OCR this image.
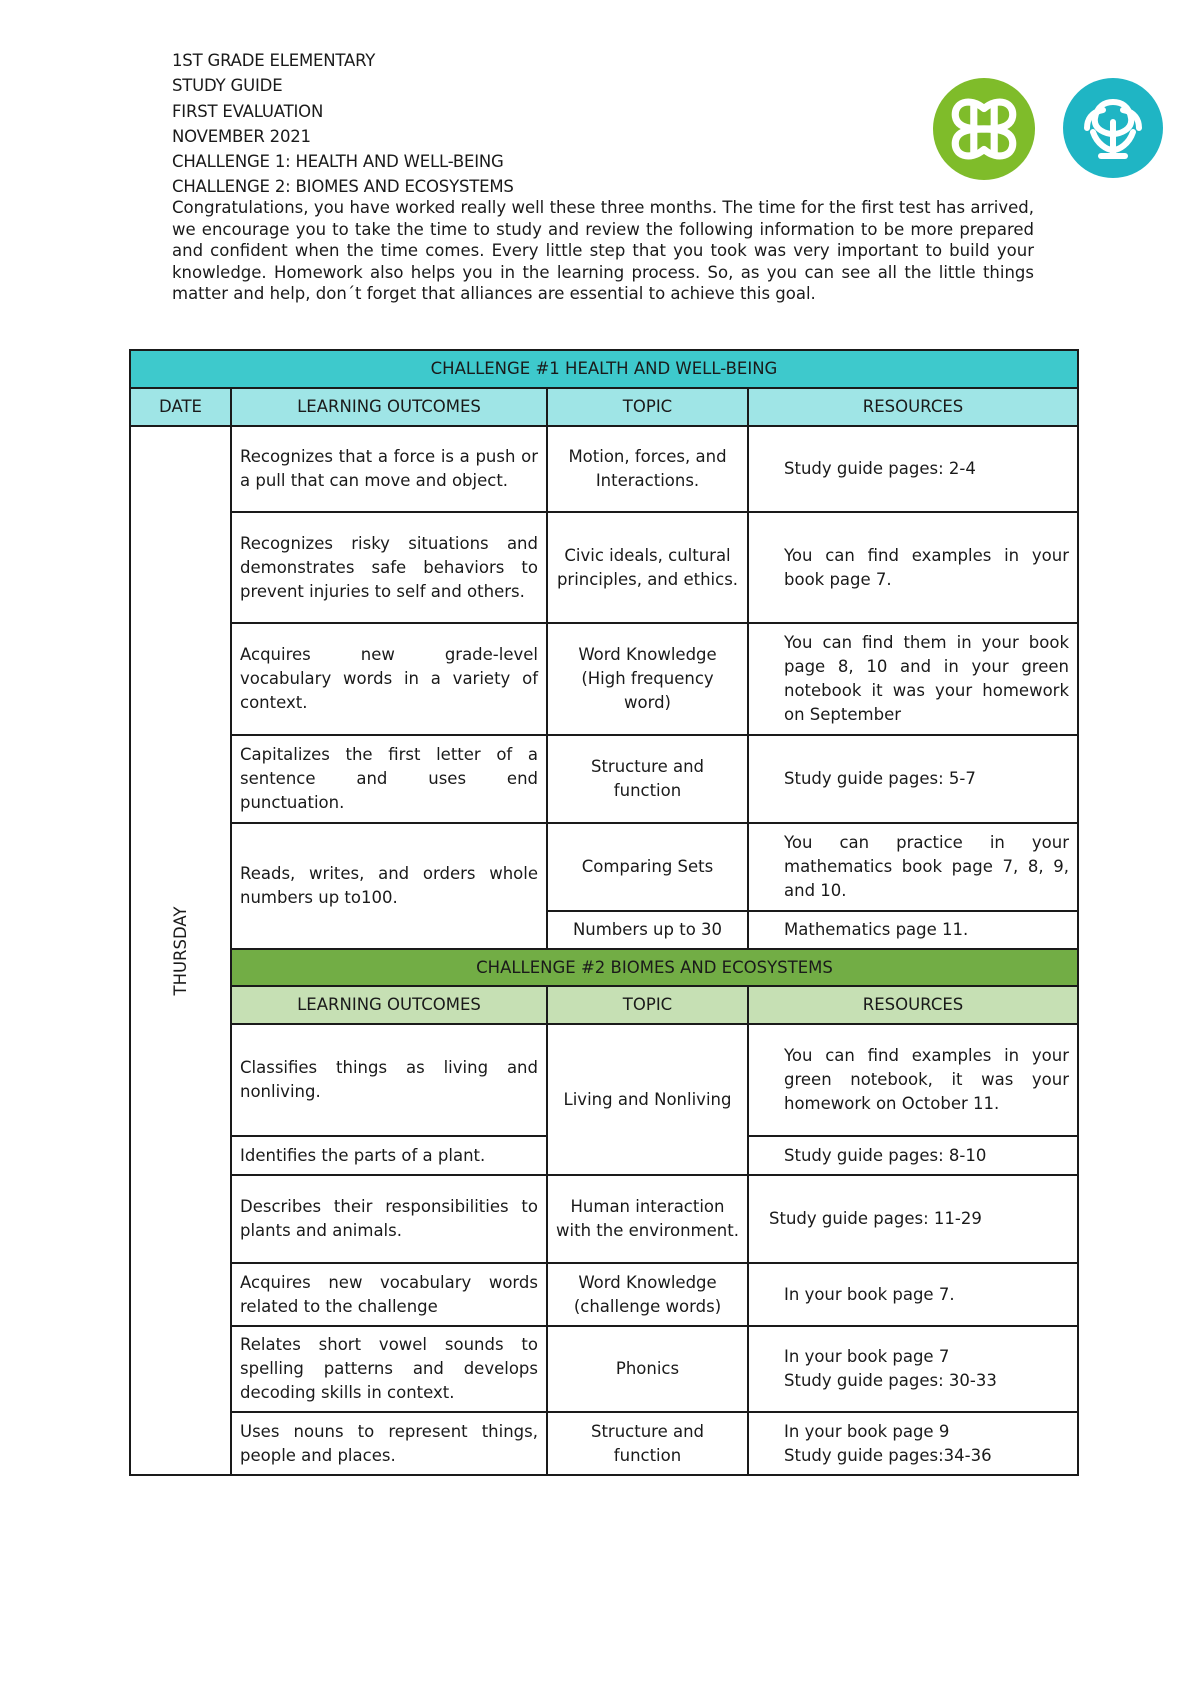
1ST GRADE ELEMENTARY
STUDY GUIDE
FIRST EVALUATION
NOVEMBER 2021
CHALLENGE 1: HEALTH AND WELL-BEING
CHALLENGE 2: BIOMES AND ECOSYSTEMS
Congratulations, you have worked really well these three months. The time for the first test has arrived, we encourage you to take the time to study and review the following information to be more prepared and confident when the time comes. Every little step that you took was very important to build your knowledge. Homework also helps you in the learning process. So, as you can see all the little things matter and help, don´t forget that alliances are essential to achieve this goal.
CHALLENGE #1 HEALTH AND WELL-BEING			
DATE	LEARNING OUTCOMES	TOPIC	RESOURCES

THURSDAY	Recognizes that a force is a push or a pull that can move and object.	Motion, forces, and Interactions.	Study guide pages: 2-4
	Recognizes risky situations and demonstrates safe behaviors to prevent injuries to self and others.	Civic ideals, cultural principles, and ethics.	You can find examples in your book page 7.
	Acquires new grade-level vocabulary words in a variety of context.	Word Knowledge (High frequency word)	You can find them in your book page 8, 10 and in your green notebook it was your homework on September
	Capitalizes the first letter of a sentence and uses end punctuation.	Structure and function	Study guide pages: 5-7
	Reads, writes, and orders whole numbers up to100.	Comparing Sets	You can practice in your mathematics book page 7, 8, 9, and 10.
		Numbers up to 30	Mathematics page 11.
	CHALLENGE #2 BIOMES AND ECOSYSTEMS		
	LEARNING OUTCOMES	TOPIC	RESOURCES
	Classifies things as living and nonliving.	Living and Nonliving	You can find examples in your green notebook, it was your homework on October 11.
	Identifies the parts of a plant.		Study guide pages: 8-10
	Describes their responsibilities to plants and animals.	Human interaction with the environment.	Study guide pages: 11-29
	Acquires new vocabulary words related to the challenge	Word Knowledge (challenge words)	In your book page 7.
	Relates short vowel sounds to spelling patterns and develops decoding skills in context.	Phonics	In your book page 7
Study guide pages: 30-33
	Uses nouns to represent things, people and places.	Structure and function	In your book page 9
Study guide pages:34-36
